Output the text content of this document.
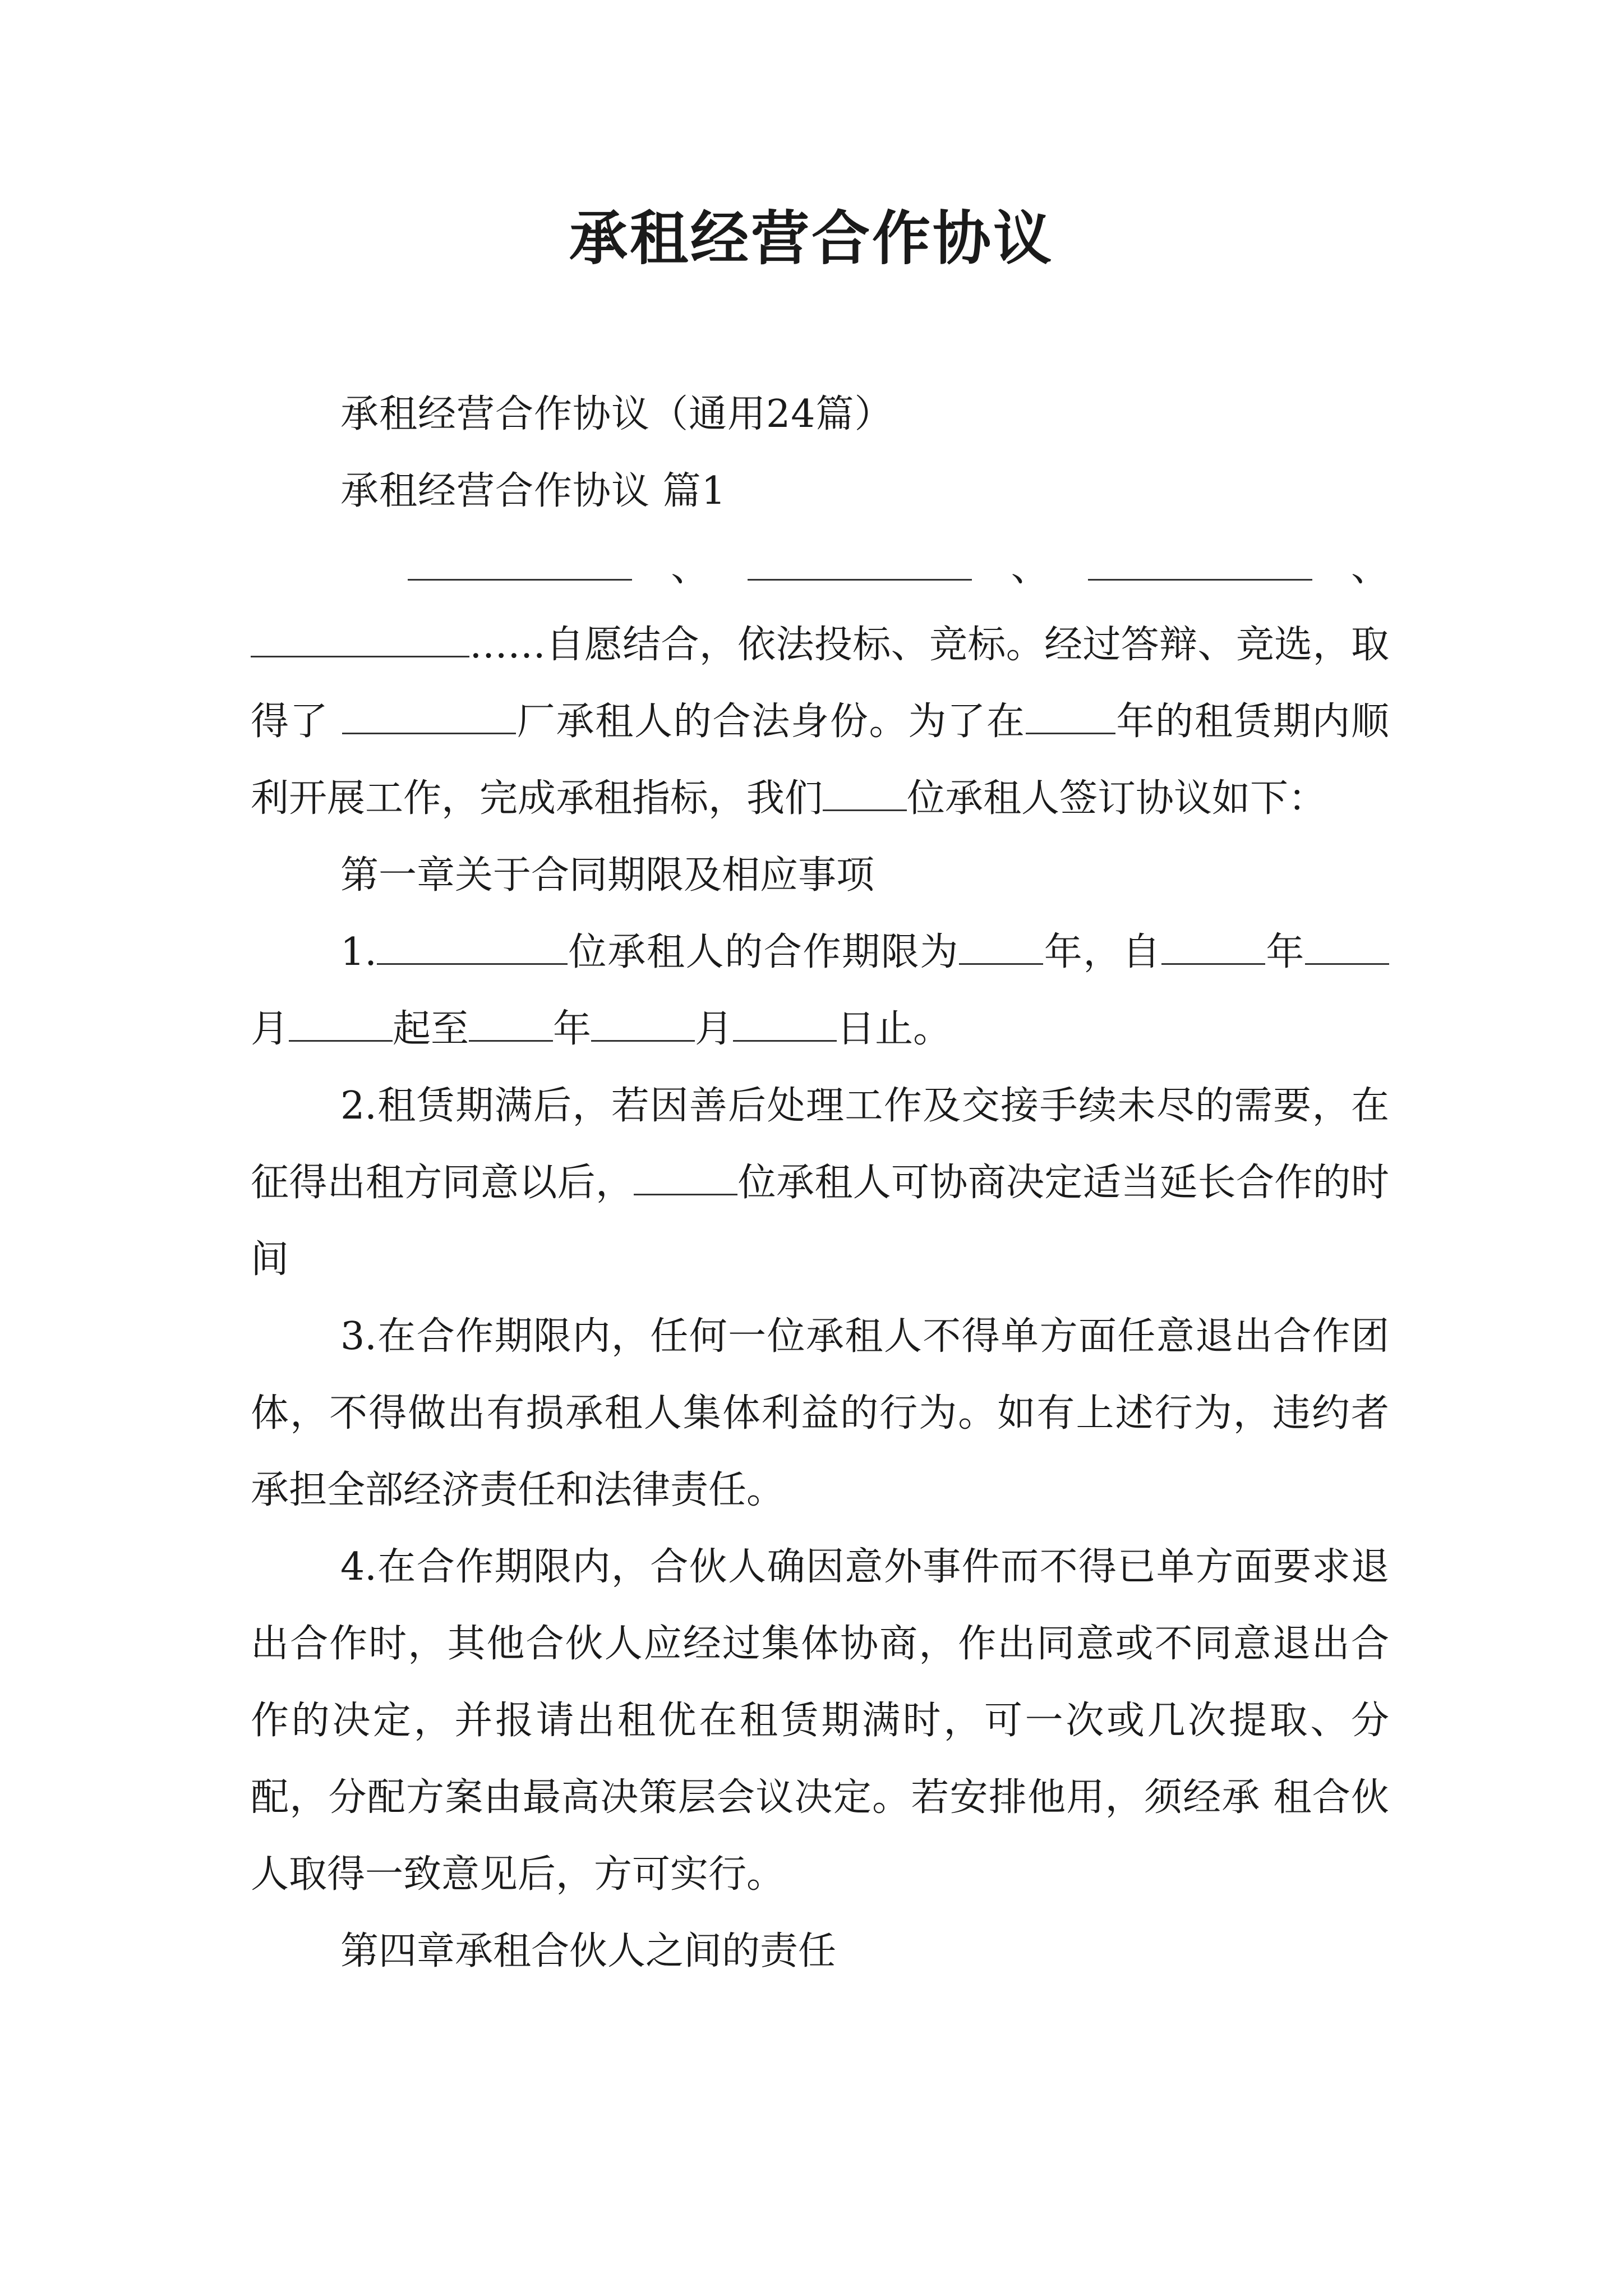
承租经营合作协议

承租经营合作协议（通用24篇）

承租经营合作协议 篇1

、	、	、

……自愿结合，依法投标、竞标。经过答辩、竞选，取得了	厂承租人的合法身份。为了在 年的租赁期内顺利开展工作，完成承租指标，我们 位承租人签订协议如下：

第一章关于合同期限及相应事项

1.	位承租人的合作期限为 年，自	年月	起至 年	月	日止。

2.租赁期满后，若因善后处理工作及交接手续未尽的需要，在征得出租方同意以后，	位承租人可协商决定适当延长合作的时间

3.在合作期限内，任何一位承租人不得单方面任意退出合作团体，不得做出有损承租人集体利益的行为。如有上述行为，违约者承担全部经济责任和法律责任。

4.在合作期限内，合伙人确因意外事件而不得已单方面要求退出合作时，其他合伙人应经过集体协商，作出同意或不同意退出合作的决定，并报请出租优在租赁期满时，可一次或几次提取、分配，分配方案由最高决策层会议决定。若安排他用，须经承 租合伙人取得一致意见后，方可实行。

第四章承租合伙人之间的责任
